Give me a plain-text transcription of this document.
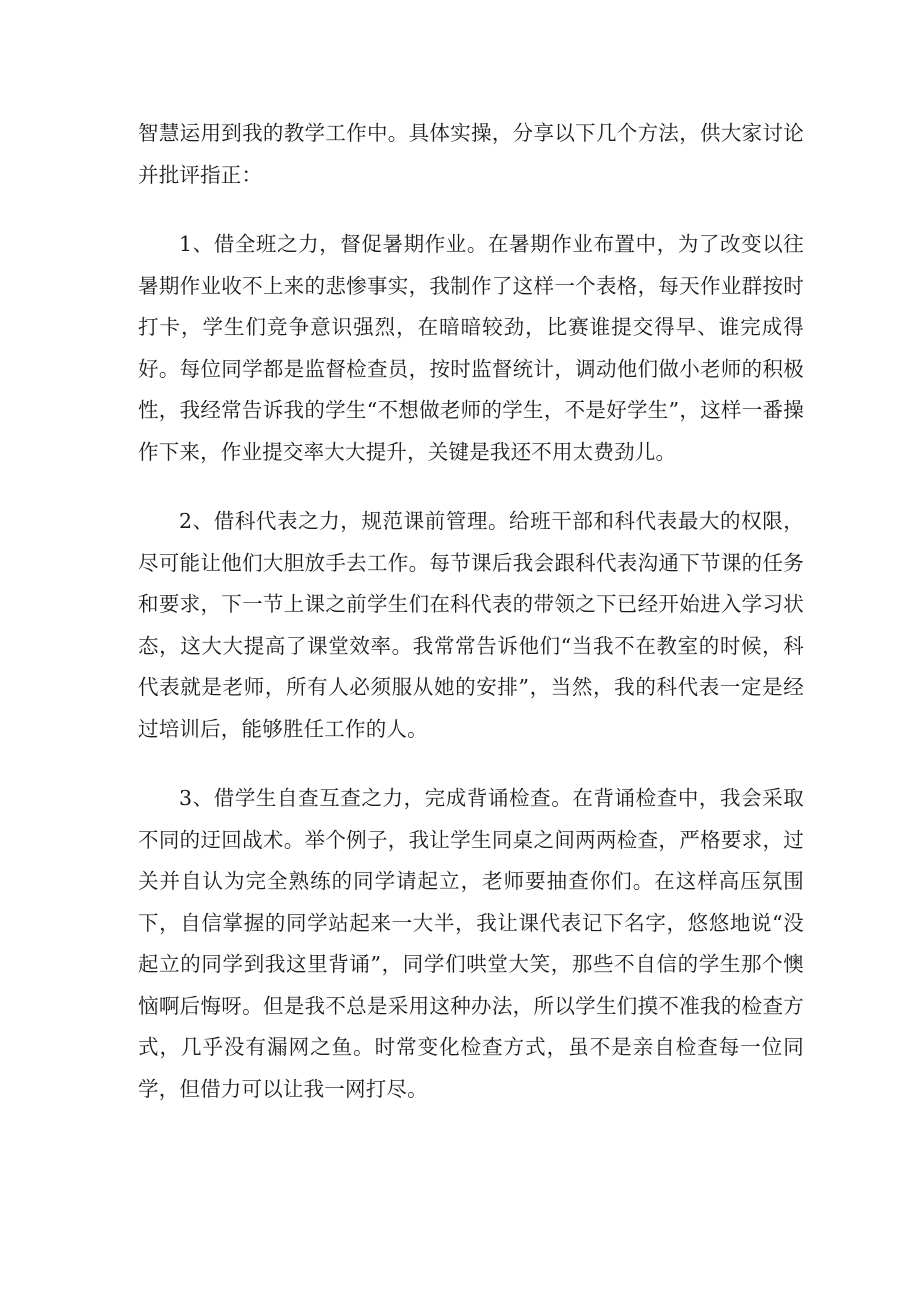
智慧运用到我的教学工作中。具体实操，分享以下几个方法，供大家讨论并批评指正：

1、借全班之力，督促暑期作业。在暑期作业布置中，为了改变以往暑期作业收不上来的悲惨事实，我制作了这样一个表格，每天作业群按时打卡，学生们竞争意识强烈，在暗暗较劲，比赛谁提交得早、谁完成得好。每位同学都是监督检查员，按时监督统计，调动他们做小老师的积极性，我经常告诉我的学生“不想做老师的学生，不是好学生”，这样一番操作下来，作业提交率大大提升，关键是我还不用太费劲儿。

2、借科代表之力，规范课前管理。给班干部和科代表最大的权限，尽可能让他们大胆放手去工作。每节课后我会跟科代表沟通下节课的任务和要求，下一节上课之前学生们在科代表的带领之下已经开始进入学习状态，这大大提高了课堂效率。我常常告诉他们“当我不在教室的时候，科代表就是老师，所有人必须服从她的安排”，当然，我的科代表一定是经过培训后，能够胜任工作的人。

3、借学生自查互查之力，完成背诵检查。在背诵检查中，我会采取不同的迂回战术。举个例子，我让学生同桌之间两两检查，严格要求，过关并自认为完全熟练的同学请起立，老师要抽查你们。在这样高压氛围下，自信掌握的同学站起来一大半，我让课代表记下名字，悠悠地说“没起立的同学到我这里背诵”，同学们哄堂大笑，那些不自信的学生那个懊恼啊后悔呀。但是我不总是采用这种办法，所以学生们摸不准我的检查方式，几乎没有漏网之鱼。时常变化检查方式，虽不是亲自检查每一位同学，但借力可以让我一网打尽。
